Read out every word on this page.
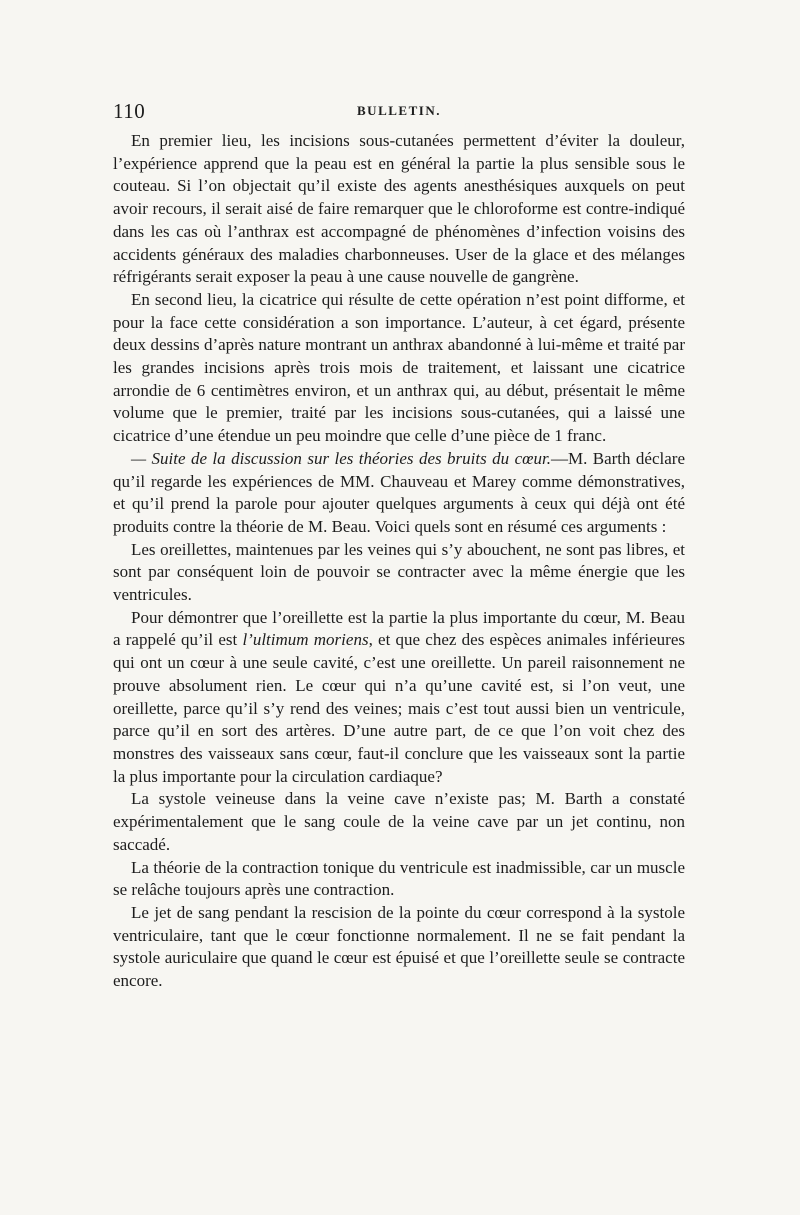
110	BULLETIN.

En premier lieu, les incisions sous-cutanées permettent d’éviter la douleur, l’expérience apprend que la peau est en général la partie la plus sensible sous le couteau. Si l’on objectait qu’il existe des agents anesthésiques auxquels on peut avoir recours, il serait aisé de faire remarquer que le chloroforme est contre-indiqué dans les cas où l’anthrax est accompagné de phénomènes d’infection voisins des accidents généraux des maladies charbonneuses. User de la glace et des mélanges réfrigérants serait exposer la peau à une cause nouvelle de gangrène.

En second lieu, la cicatrice qui résulte de cette opération n’est point difforme, et pour la face cette considération a son importance. L’auteur, à cet égard, présente deux dessins d’après nature montrant un anthrax abandonné à lui-même et traité par les grandes incisions après trois mois de traitement, et laissant une cicatrice arrondie de 6 centimètres environ, et un anthrax qui, au début, présentait le même volume que le premier, traité par les incisions sous-cutanées, qui a laissé une cicatrice d’une étendue un peu moindre que celle d’une pièce de 1 franc.

— Suite de la discussion sur les théories des bruits du cœur.—M. Barth déclare qu’il regarde les expériences de MM. Chauveau et Marey comme démonstratives, et qu’il prend la parole pour ajouter quelques arguments à ceux qui déjà ont été produits contre la théorie de M. Beau. Voici quels sont en résumé ces arguments :

Les oreillettes, maintenues par les veines qui s’y abouchent, ne sont pas libres, et sont par conséquent loin de pouvoir se contracter avec la même énergie que les ventricules.

Pour démontrer que l’oreillette est la partie la plus importante du cœur, M. Beau a rappelé qu’il est l’ultimum moriens, et que chez des espèces animales inférieures qui ont un cœur à une seule cavité, c’est une oreillette. Un pareil raisonnement ne prouve absolument rien. Le cœur qui n’a qu’une cavité est, si l’on veut, une oreillette, parce qu’il s’y rend des veines; mais c’est tout aussi bien un ventricule, parce qu’il en sort des artères. D’une autre part, de ce que l’on voit chez des monstres des vaisseaux sans cœur, faut-il conclure que les vaisseaux sont la partie la plus importante pour la circulation cardiaque?

La systole veineuse dans la veine cave n’existe pas; M. Barth a constaté expérimentalement que le sang coule de la veine cave par un jet continu, non saccadé.

La théorie de la contraction tonique du ventricule est inadmissible, car un muscle se relâche toujours après une contraction.

Le jet de sang pendant la rescision de la pointe du cœur correspond à la systole ventriculaire, tant que le cœur fonctionne normalement. Il ne se fait pendant la systole auriculaire que quand le cœur est épuisé et que l’oreillette seule se contracte encore.
